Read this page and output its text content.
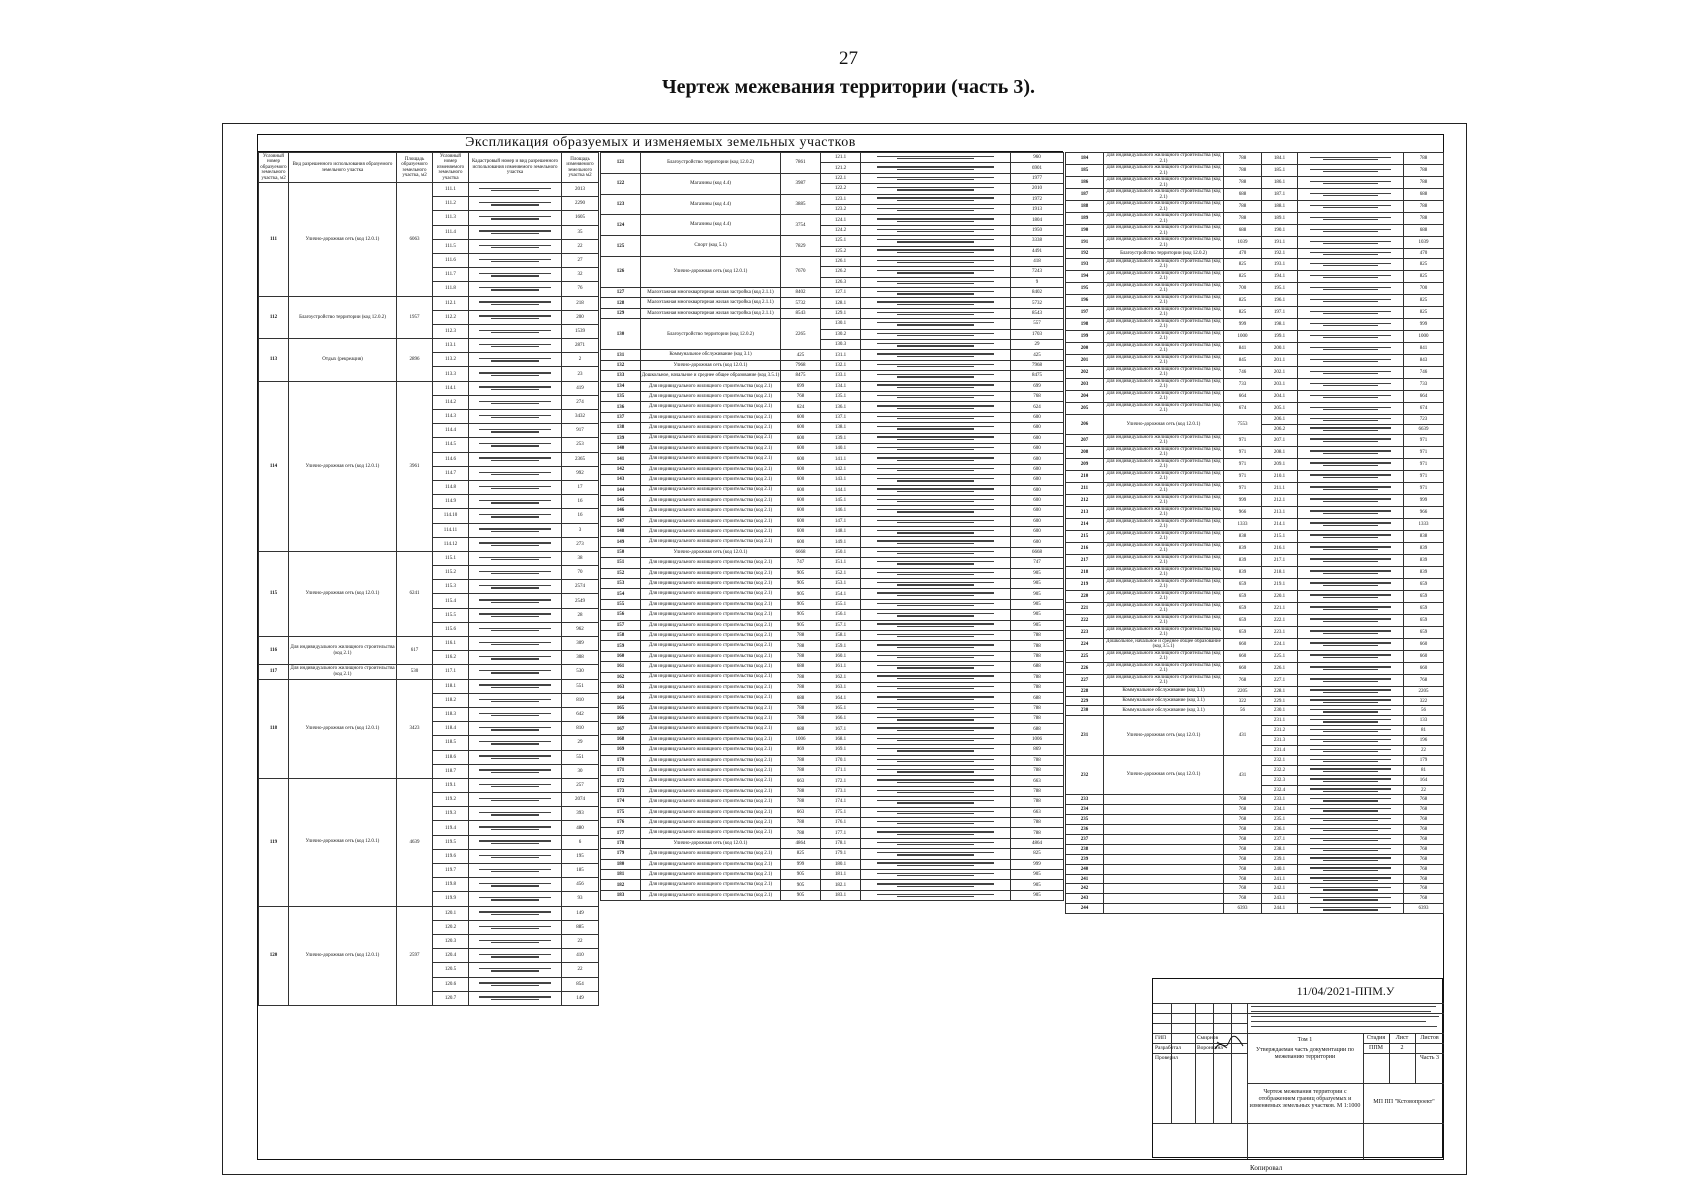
27
Чертеж межевания территории (часть 3).
Экспликация образуемых и изменяемых земельных участков
Условный номер образуемого земельного участка, м2	Вид разрешенного использования образуемого земельного участка	Площадь образуемого земельного участка, м2	Условный номер изменяемого земельного участка	Кадастровый номер и вид разрешенного использования изменяемого земельного участка	Площадь изменяемого земельного участка м2
111	Улично-дорожная сеть (код 12.0.1)	6063	111.1		2013
			111.2		2290
			111.3		1605
			111.4		35
			111.5		22
			111.6		27
			111.7		32
			111.8		76
112	Благоустройство территории (код 12.0.2)	1957	112.1		218
			112.2		200
			112.3		1539
113	Отдых (рекреация)	2896	113.1		2871
			113.2		2
			113.3		23
114	Улично-дорожная сеть (код 12.0.1)	3961	114.1		419
			114.2		274
			114.3		3432
			114.4		917
			114.5		253
			114.6		2365
			114.7		992
			114.8		17
			114.9		16
			114.10		16
			114.11		3
			114.12		273
115	Улично-дорожная сеть (код 12.0.1)	6241	115.1		38
			115.2		70
			115.3		2574
			115.4		2549
			115.5		28
			115.6		962
116	Для индивидуального жилищного строительства (код 2.1)	617	116.1		309
			116.2		308
117	Для индивидуального жилищного строительства (код 2.1)	530	117.1		530
118	Улично-дорожная сеть (код 12.0.1)	3423	118.1		551
			118.2		810
			118.3		642
			118.4		810
			118.5		29
			118.6		551
			118.7		30
119	Улично-дорожная сеть (код 12.0.1)	4639	119.1		257
			119.2		2074
			119.3		393
			119.4		480
			119.5		6
			119.6		195
			119.7		185
			119.8		456
			119.9		93
120	Улично-дорожная сеть (код 12.0.1)	2597	120.1		149
			120.2		885
			120.3		22
			120.4		410
			120.5		22
			120.6		854
			120.7		149
121	Благоустройство территории (код 12.0.2)	7861	121.1		960
			121.2		6901
122	Магазины (код 4.4)	3987	122.1		1977
			122.2		2010
123	Магазины (код 4.4)	3885	123.1		1972
			123.2		1913
124	Магазины (код 4.4)	3754	124.1		1804
			124.2		1950
125	Спорт (код 5.1)	7829	125.1		3338
			125.2		4491
126	Улично-дорожная сеть (код 12.0.1)	7670	126.1		418
			126.2		7243
			126.3		9
127	Малоэтажная многоквартирная жилая застройка (код 2.1.1)	8402	127.1		8402
128	Малоэтажная многоквартирная жилая застройка (код 2.1.1)	5732	128.1		5732
129	Малоэтажная многоквартирная жилая застройка (код 2.1.1)	8543	129.1		8543
130	Благоустройство территории (код 12.0.2)	2265	130.1		557
			130.2		1703
			130.3		29
131	Коммунальное обслуживание (код 3.1)	425	131.1		425
132	Улично-дорожная сеть (код 12.0.1)	7968	132.1		7968
133	Дошкольное, начальное и среднее общее образование (код 3.5.1)	8475	133.1		8475
134	Для индивидуального жилищного строительства (код 2.1)	699	134.1		699
135	Для индивидуального жилищного строительства (код 2.1)	768	135.1		768
136	Для индивидуального жилищного строительства (код 2.1)	624	136.1		624
137	Для индивидуального жилищного строительства (код 2.1)	600	137.1		600
138	Для индивидуального жилищного строительства (код 2.1)	600	138.1		600
139	Для индивидуального жилищного строительства (код 2.1)	600	139.1		600
140	Для индивидуального жилищного строительства (код 2.1)	600	140.1		600
141	Для индивидуального жилищного строительства (код 2.1)	600	141.1		600
142	Для индивидуального жилищного строительства (код 2.1)	600	142.1		600
143	Для индивидуального жилищного строительства (код 2.1)	600	143.1		600
144	Для индивидуального жилищного строительства (код 2.1)	600	144.1		600
145	Для индивидуального жилищного строительства (код 2.1)	600	145.1		600
146	Для индивидуального жилищного строительства (код 2.1)	600	146.1		600
147	Для индивидуального жилищного строительства (код 2.1)	600	147.1		600
148	Для индивидуального жилищного строительства (код 2.1)	600	148.1		600
149	Для индивидуального жилищного строительства (код 2.1)	600	149.1		600
150	Улично-дорожная сеть (код 12.0.1)	6668	150.1		6668
151	Для индивидуального жилищного строительства (код 2.1)	747	151.1		747
152	Для индивидуального жилищного строительства (код 2.1)	905	152.1		905
153	Для индивидуального жилищного строительства (код 2.1)	905	153.1		905
154	Для индивидуального жилищного строительства (код 2.1)	905	154.1		905
155	Для индивидуального жилищного строительства (код 2.1)	905	155.1		905
156	Для индивидуального жилищного строительства (код 2.1)	905	156.1		905
157	Для индивидуального жилищного строительства (код 2.1)	905	157.1		905
158	Для индивидуального жилищного строительства (код 2.1)	788	158.1		788
159	Для индивидуального жилищного строительства (код 2.1)	788	159.1		788
160	Для индивидуального жилищного строительства (код 2.1)	788	160.1		788
161	Для индивидуального жилищного строительства (код 2.1)	688	161.1		688
162	Для индивидуального жилищного строительства (код 2.1)	788	162.1		788
163	Для индивидуального жилищного строительства (код 2.1)	788	163.1		788
164	Для индивидуального жилищного строительства (код 2.1)	688	164.1		688
165	Для индивидуального жилищного строительства (код 2.1)	788	165.1		788
166	Для индивидуального жилищного строительства (код 2.1)	788	166.1		788
167	Для индивидуального жилищного строительства (код 2.1)	688	167.1		688
168	Для индивидуального жилищного строительства (код 2.1)	1006	168.1		1006
169	Для индивидуального жилищного строительства (код 2.1)	869	169.1		869
170	Для индивидуального жилищного строительства (код 2.1)	788	170.1		788
171	Для индивидуального жилищного строительства (код 2.1)	788	171.1		788
172	Для индивидуального жилищного строительства (код 2.1)	663	172.1		663
173	Для индивидуального жилищного строительства (код 2.1)	788	173.1		788
174	Для индивидуального жилищного строительства (код 2.1)	788	174.1		788
175	Для индивидуального жилищного строительства (код 2.1)	663	175.1		663
176	Для индивидуального жилищного строительства (код 2.1)	788	176.1		788
177	Для индивидуального жилищного строительства (код 2.1)	788	177.1		788
178	Улично-дорожная сеть (код 12.0.1)	4864	178.1		4864
179	Для индивидуального жилищного строительства (код 2.1)	825	179.1		825
180	Для индивидуального жилищного строительства (код 2.1)	999	180.1		999
181	Для индивидуального жилищного строительства (код 2.1)	905	181.1		905
182	Для индивидуального жилищного строительства (код 2.1)	905	182.1		905
183	Для индивидуального жилищного строительства (код 2.1)	905	183.1		905
184	Для индивидуального жилищного строительства (код 2.1)	788	184.1		788
185	Для индивидуального жилищного строительства (код 2.1)	788	185.1		788
186	Для индивидуального жилищного строительства (код 2.1)	788	186.1		788
187	Для индивидуального жилищного строительства (код 2.1)	688	187.1		688
188	Для индивидуального жилищного строительства (код 2.1)	788	188.1		788
189	Для индивидуального жилищного строительства (код 2.1)	788	189.1		788
190	Для индивидуального жилищного строительства (код 2.1)	688	190.1		688
191	Для индивидуального жилищного строительства (код 2.1)	1039	191.1		1039
192	Благоустройство территории (код 12.0.2)	470	192.1		470
193	Для индивидуального жилищного строительства (код 2.1)	825	193.1		825
194	Для индивидуального жилищного строительства (код 2.1)	825	194.1		825
195	Для индивидуального жилищного строительства (код 2.1)	700	195.1		700
196	Для индивидуального жилищного строительства (код 2.1)	825	196.1		825
197	Для индивидуального жилищного строительства (код 2.1)	825	197.1		825
198	Для индивидуального жилищного строительства (код 2.1)	999	198.1		999
199	Для индивидуального жилищного строительства (код 2.1)	1000	199.1		1000
200	Для индивидуального жилищного строительства (код 2.1)	841	200.1		841
201	Для индивидуального жилищного строительства (код 2.1)	845	201.1		843
202	Для индивидуального жилищного строительства (код 2.1)	746	202.1		746
203	Для индивидуального жилищного строительства (код 2.1)	733	203.1		733
204	Для индивидуального жилищного строительства (код 2.1)	664	204.1		664
205	Для индивидуального жилищного строительства (код 2.1)	674	205.1		674
206	Улично-дорожная сеть (код 12.0.1)	7553	206.1		723
			206.2		6639
207	Для индивидуального жилищного строительства (код 2.1)	971	207.1		971
208	Для индивидуального жилищного строительства (код 2.1)	971	208.1		971
209	Для индивидуального жилищного строительства (код 2.1)	971	209.1		971
210	Для индивидуального жилищного строительства (код 2.1)	971	210.1		971
211	Для индивидуального жилищного строительства (код 2.1)	971	211.1		971
212	Для индивидуального жилищного строительства (код 2.1)	999	212.1		999
213	Для индивидуального жилищного строительства (код 2.1)	966	213.1		966
214	Для индивидуального жилищного строительства (код 2.1)	1333	214.1		1333
215	Для индивидуального жилищного строительства (код 2.1)	838	215.1		838
216	Для индивидуального жилищного строительства (код 2.1)	839	216.1		839
217	Для индивидуального жилищного строительства (код 2.1)	839	217.1		839
218	Для индивидуального жилищного строительства (код 2.1)	839	218.1		839
219	Для индивидуального жилищного строительства (код 2.1)	659	219.1		659
220	Для индивидуального жилищного строительства (код 2.1)	659	220.1		659
221	Для индивидуального жилищного строительства (код 2.1)	659	221.1		659
222	Для индивидуального жилищного строительства (код 2.1)	659	222.1		659
223	Для индивидуального жилищного строительства (код 2.1)	659	223.1		659
224	Дошкольное, начальное и среднее общее образование (код 3.5.1)	660	224.1		660
225	Для индивидуального жилищного строительства (код 2.1)	660	225.1		660
226	Для индивидуального жилищного строительства (код 2.1)	660	226.1		660
227	Для индивидуального жилищного строительства (код 2.1)	768	227.1		768
228	Коммунальное обслуживание (код 3.1)	2205	228.1		2205
229	Коммунальное обслуживание (код 3.1)	322	229.1		322
230	Коммунальное обслуживание (код 3.1)	56	230.1		56
231	Улично-дорожная сеть (код 12.0.1)	431	231.1		133
			231.2		81
			231.3		196
			231.4		22
232	Улично-дорожная сеть (код 12.0.1)	431	232.1		179
			232.2		81
			232.3		164
			232.4		22
233		768	233.1		768
234		768	234.1		768
235		768	235.1		768
236		768	236.1		768
237		768	237.1		768
238		768	238.1		768
239		768	239.1		768
240		768	240.1		768
241		768	241.1		768
242		768	242.1		768
243		768	243.1		768
244		6393	244.1		6393
11/04/2021-ППМ.У
ГИП
Разработал
Проверил
Смирнов
Воронкина
Том 1
Утверждаемая часть документации по межеванию территории
Стадия	Лист	Листов
ППМ	2
Часть 3
Чертеж межевания территории с отображением границ образуемых и изменяемых земельных участков. М 1:1000
МП ПП "Кстовопроект"
Копировал
